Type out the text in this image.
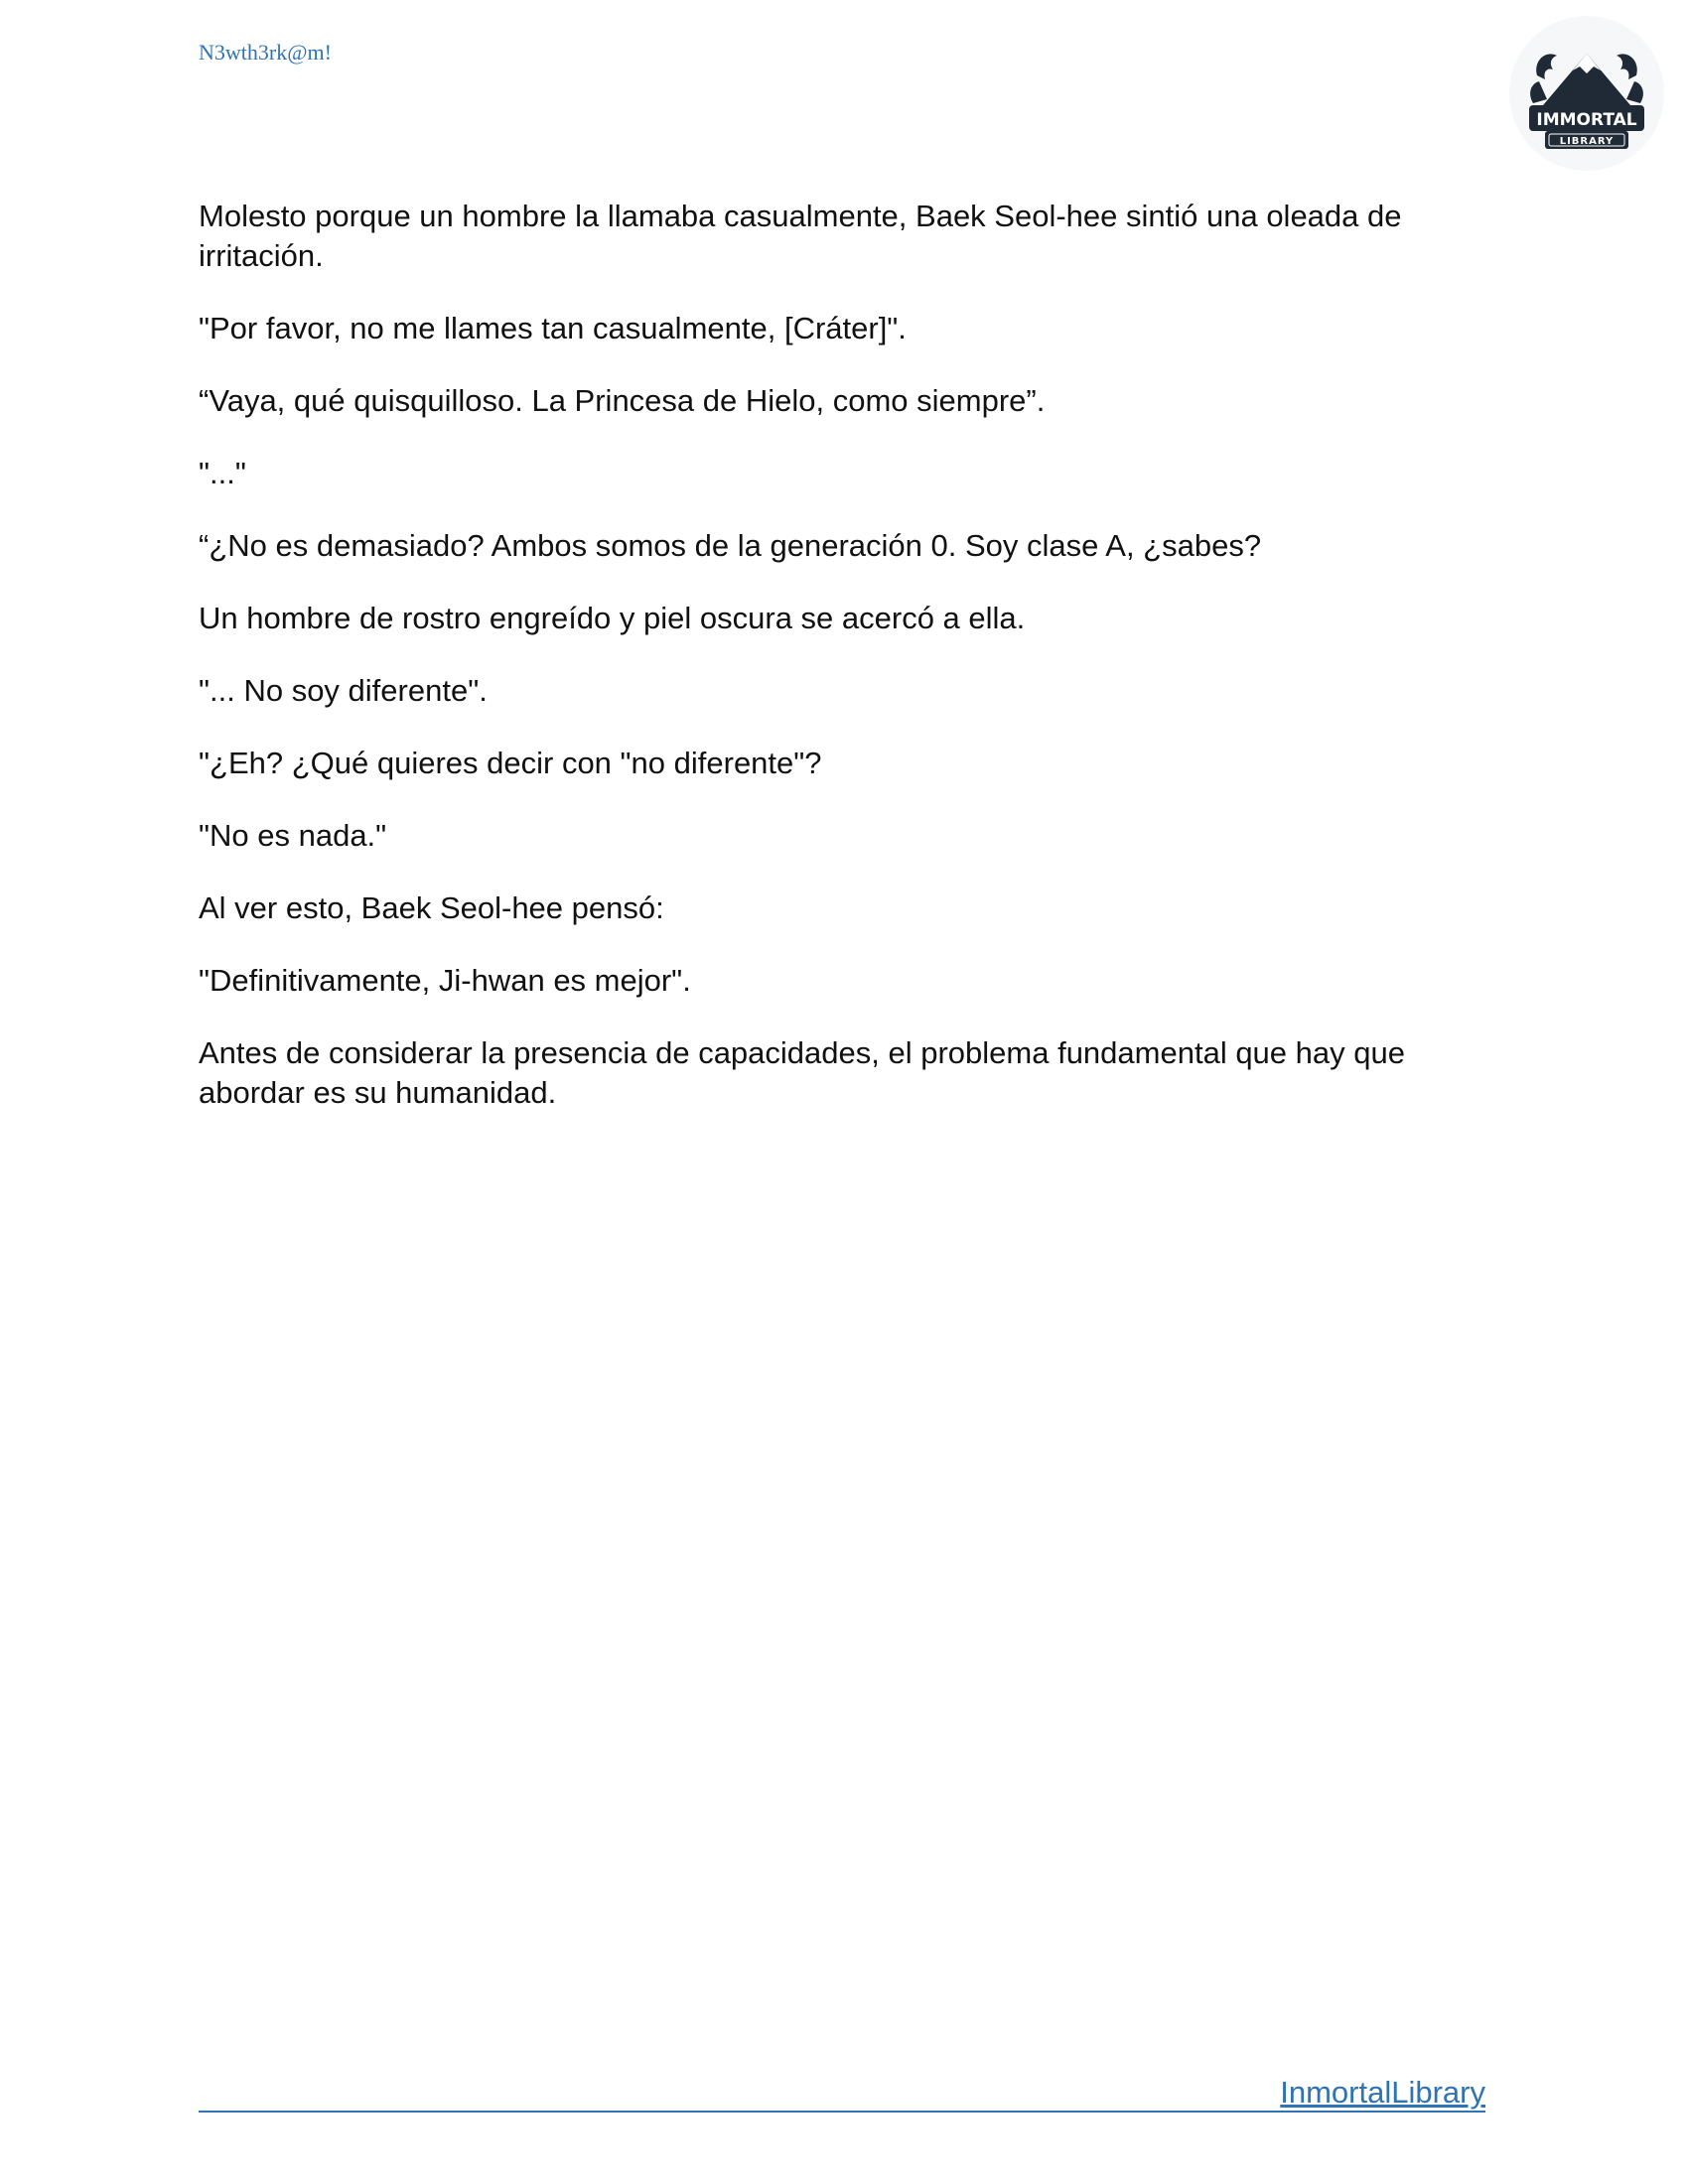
N3wth3rk@m!
IMMORTAL
LIBRARY

Molesto porque un hombre la llamaba casualmente, Baek Seol-hee sintió una oleada de irritación.

"Por favor, no me llames tan casualmente, [Cráter]".

“Vaya, qué quisquilloso. La Princesa de Hielo, como siempre”.

"..."

“¿No es demasiado? Ambos somos de la generación 0. Soy clase A, ¿sabes?

Un hombre de rostro engreído y piel oscura se acercó a ella.

"... No soy diferente".

"¿Eh? ¿Qué quieres decir con "no diferente"?

"No es nada."

Al ver esto, Baek Seol-hee pensó:

"Definitivamente, Ji-hwan es mejor".

Antes de considerar la presencia de capacidades, el problema fundamental que hay que abordar es su humanidad.

InmortalLibrary
